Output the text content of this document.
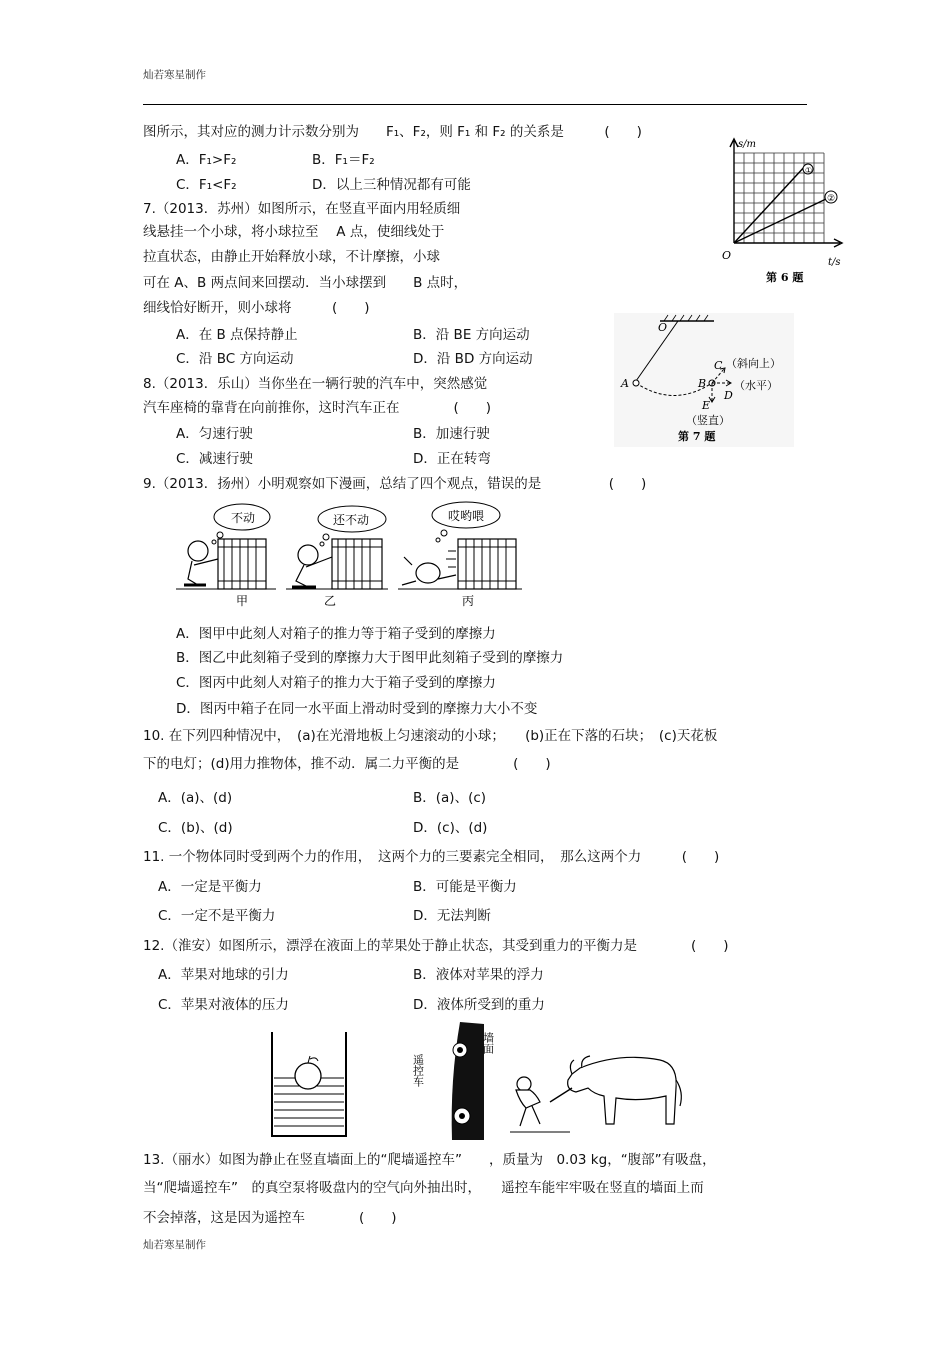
灿若寒星制作
图所示，其对应的测力计示数分别为　　F₁、F₂，则 F₁ 和 F₂ 的关系是　　　(　　)
A．F₁>F₂	B．F₁＝F₂
C．F₁<F₂	D．以上三种情况都有可能
①
②
s/m
t/s
O
第 6 题
7.（2013．苏州）如图所示，在竖直平面内用轻质细
线悬挂一个小球，将小球拉至　 A 点，使细线处于
拉直状态，由静止开始释放小球，不计摩擦，小球
可在 A、B 两点间来回摆动．当小球摆到　　B 点时，
细线恰好断开，则小球将　　　(　　)
A．在 B 点保持静止	B．沿 BE 方向运动
C．沿 BC 方向运动	D．沿 BD 方向运动
O
A	B
C （斜向上）
D
（水平）
E
（竖直）
第 7 题
8.（2013．乐山）当你坐在一辆行驶的汽车中，突然感觉
汽车座椅的靠背在向前推你，这时汽车正在　　　　(　　)
A．匀速行驶	B．加速行驶
C．减速行驶	D．正在转弯
9.（2013．扬州）小明观察如下漫画，总结了四个观点，错误的是　　　　　(　　)
不动	还不动	哎哟喂
甲	乙	丙
A．图甲中此刻人对箱子的推力等于箱子受到的摩擦力
B．图乙中此刻箱子受到的摩擦力大于图甲此刻箱子受到的摩擦力
C．图丙中此刻人对箱子的推力大于箱子受到的摩擦力
D．图丙中箱子在同一水平面上滑动时受到的摩擦力大小不变
10. 在下列四种情况中，　(a)在光滑地板上匀速滚动的小球；　　(b)正在下落的石块；　(c)天花板
下的电灯；(d)用力推物体，推不动．属二力平衡的是　　　　(　　)
A．(a)、(d)	B．(a)、(c)
C．(b)、(d)	D．(c)、(d)
11. 一个物体同时受到两个力的作用，　这两个力的三要素完全相同，　那么这两个力　　　(　　)
A．一定是平衡力	B．可能是平衡力
C．一定不是平衡力	D．无法判断
12.（淮安）如图所示，漂浮在液面上的苹果处于静止状态，其受到重力的平衡力是　　　　(　　)
A．苹果对地球的引力	B．液体对苹果的浮力
C．苹果对液体的压力	D．液体所受到的重力
遥控车
墙面
13.（丽水）如图为静止在竖直墙面上的“爬墙遥控车”　　，质量为　0.03 kg，“腹部”有吸盘，
当“爬墙遥控车”　的真空泵将吸盘内的空气向外抽出时，　　遥控车能牢牢吸在竖直的墙面上而
不会掉落，这是因为遥控车　　　　(　　)
灿若寒星制作
